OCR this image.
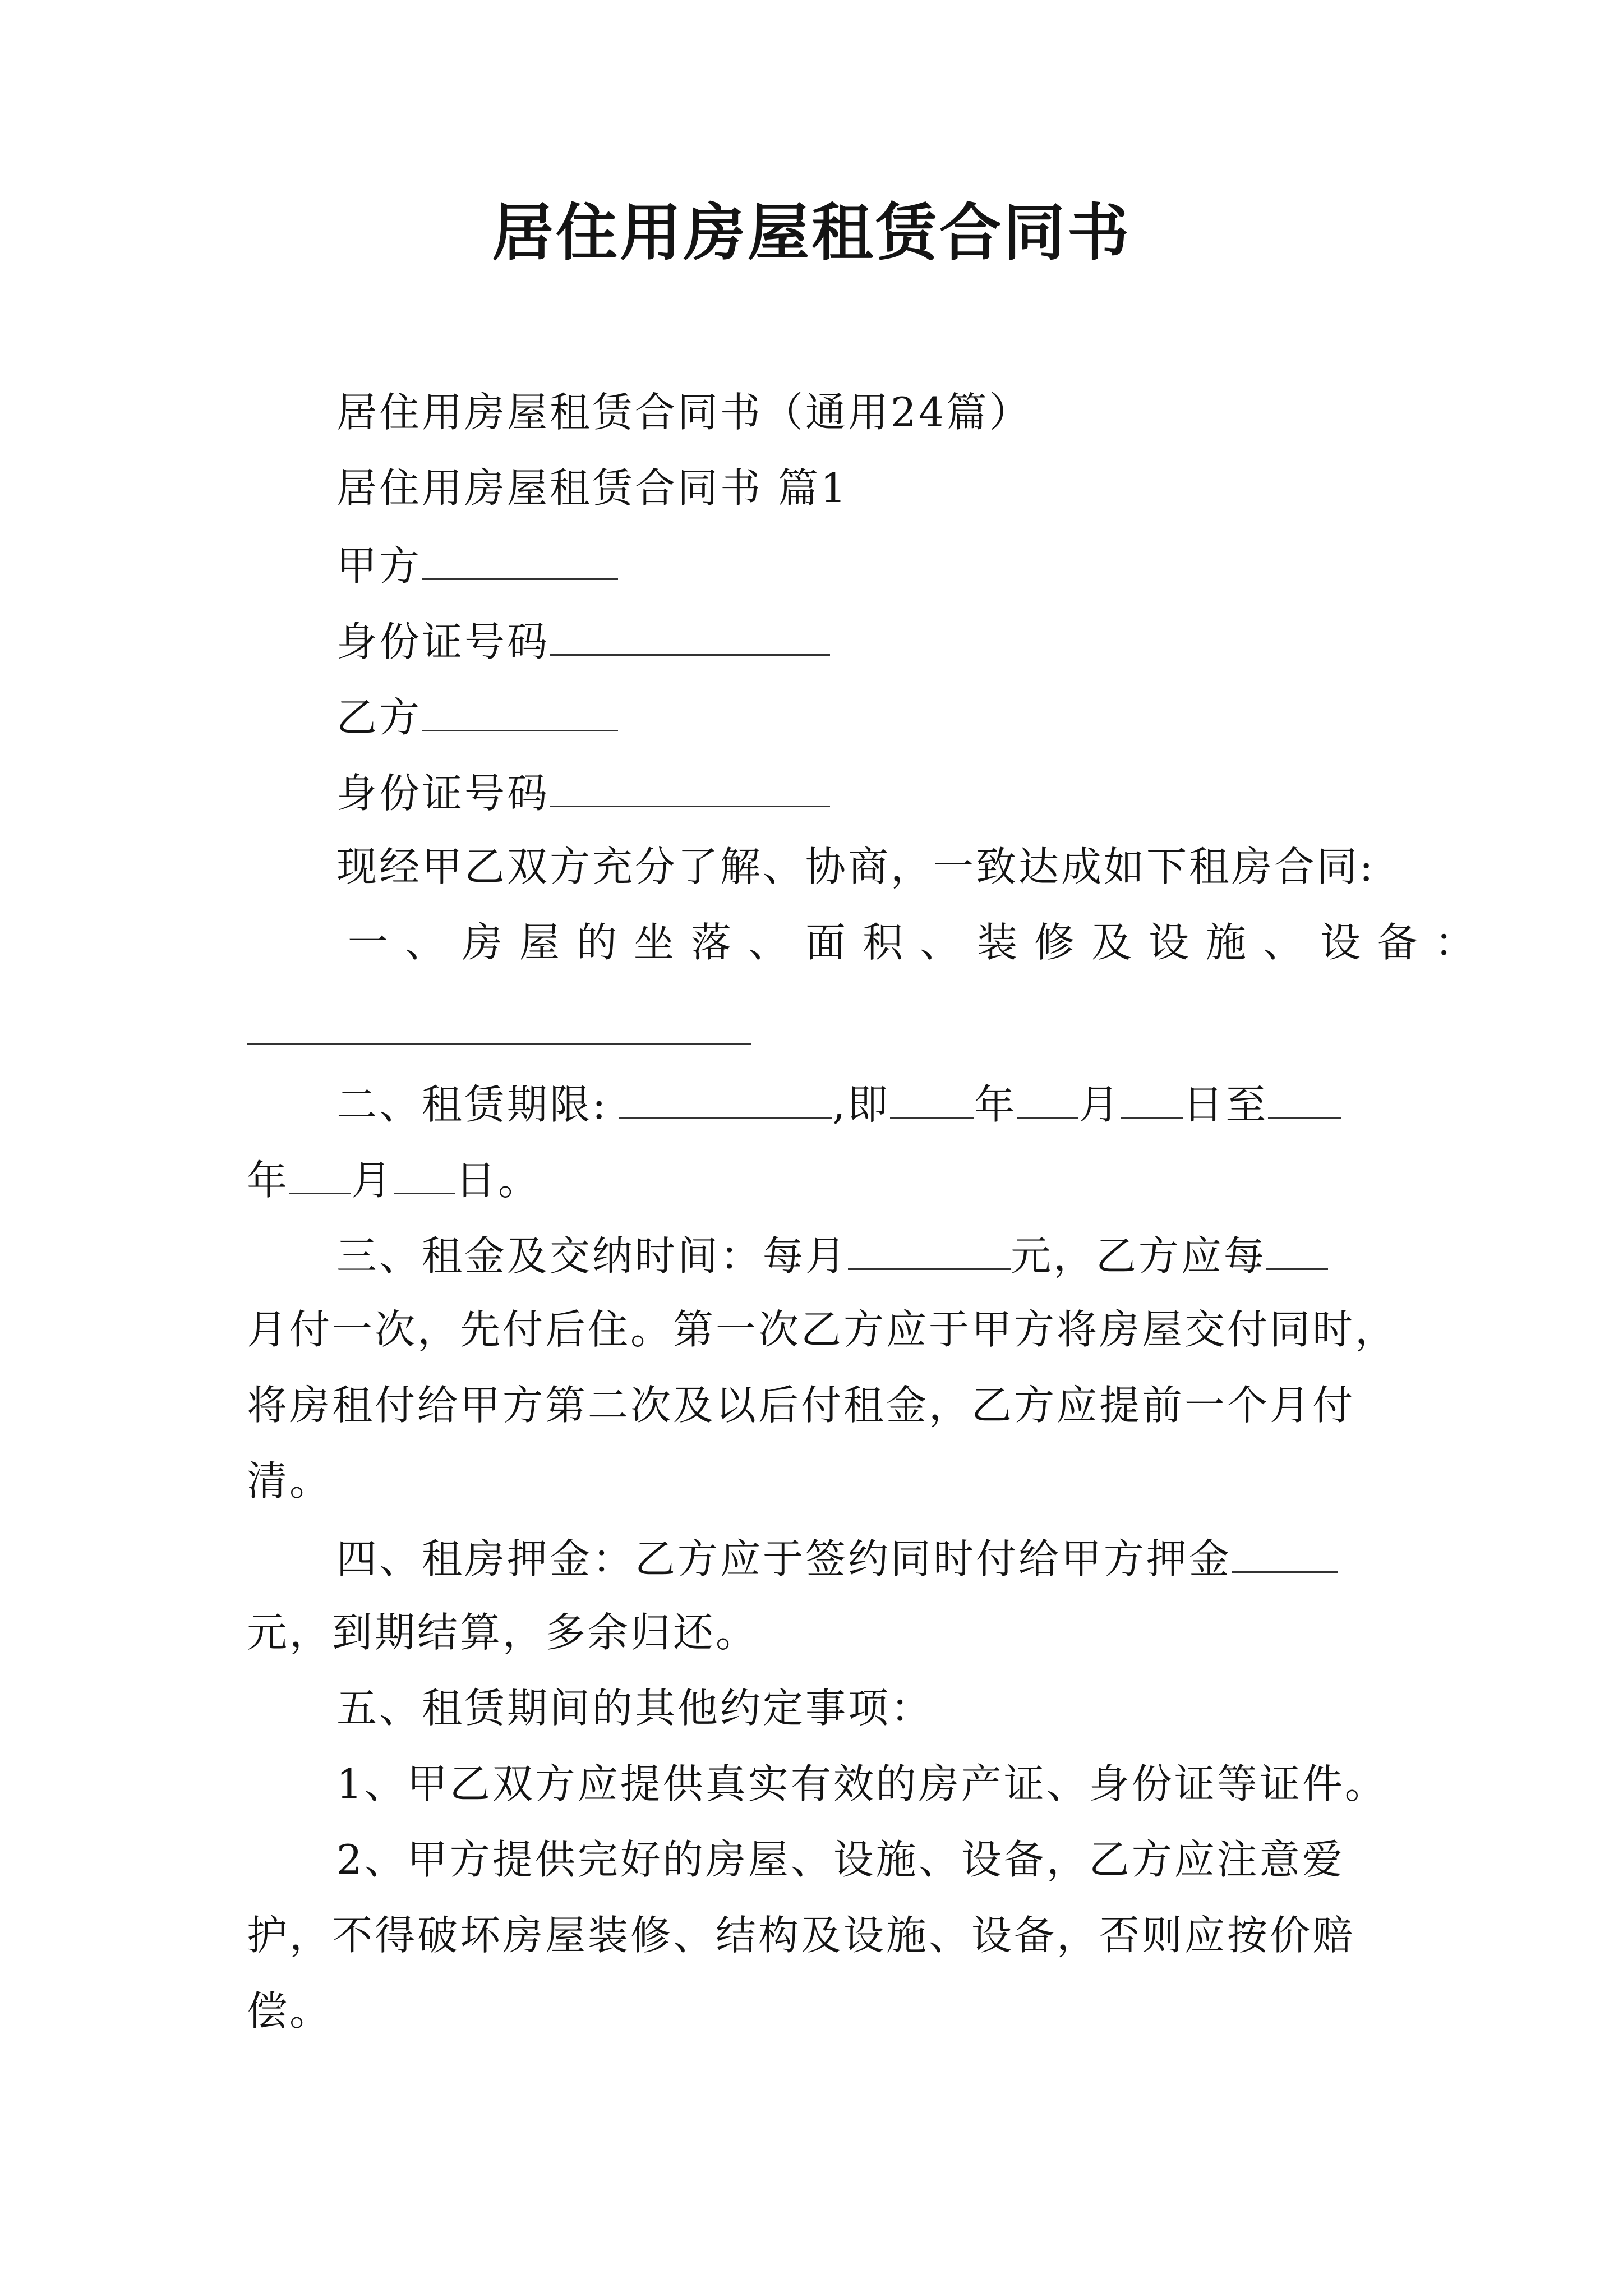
居住用房屋租赁合同书
居住用房屋租赁合同书（通用24篇）
居住用房屋租赁合同书 篇1
甲方
身份证号码
乙方
身份证号码
现经甲乙双方充分了解、协商，一致达成如下租房合同:
一、房屋的坐落、面积、装修及设施、设备：
二、租赁期限:	,即 年 月 日至
年 月 日。
三、租金及交纳时间：每月	元，乙方应每
月付一次，先付后住。第一次乙方应于甲方将房屋交付同时，
将房租付给甲方第二次及以后付租金，乙方应提前一个月付
清。
四、租房押金：乙方应于签约同时付给甲方押金
元，到期结算，多余归还。
五、租赁期间的其他约定事项：
1、甲乙双方应提供真实有效的房产证、身份证等证件。
2、甲方提供完好的房屋、设施、设备，乙方应注意爱
护，不得破坏房屋装修、结构及设施、设备，否则应按价赔
偿。
